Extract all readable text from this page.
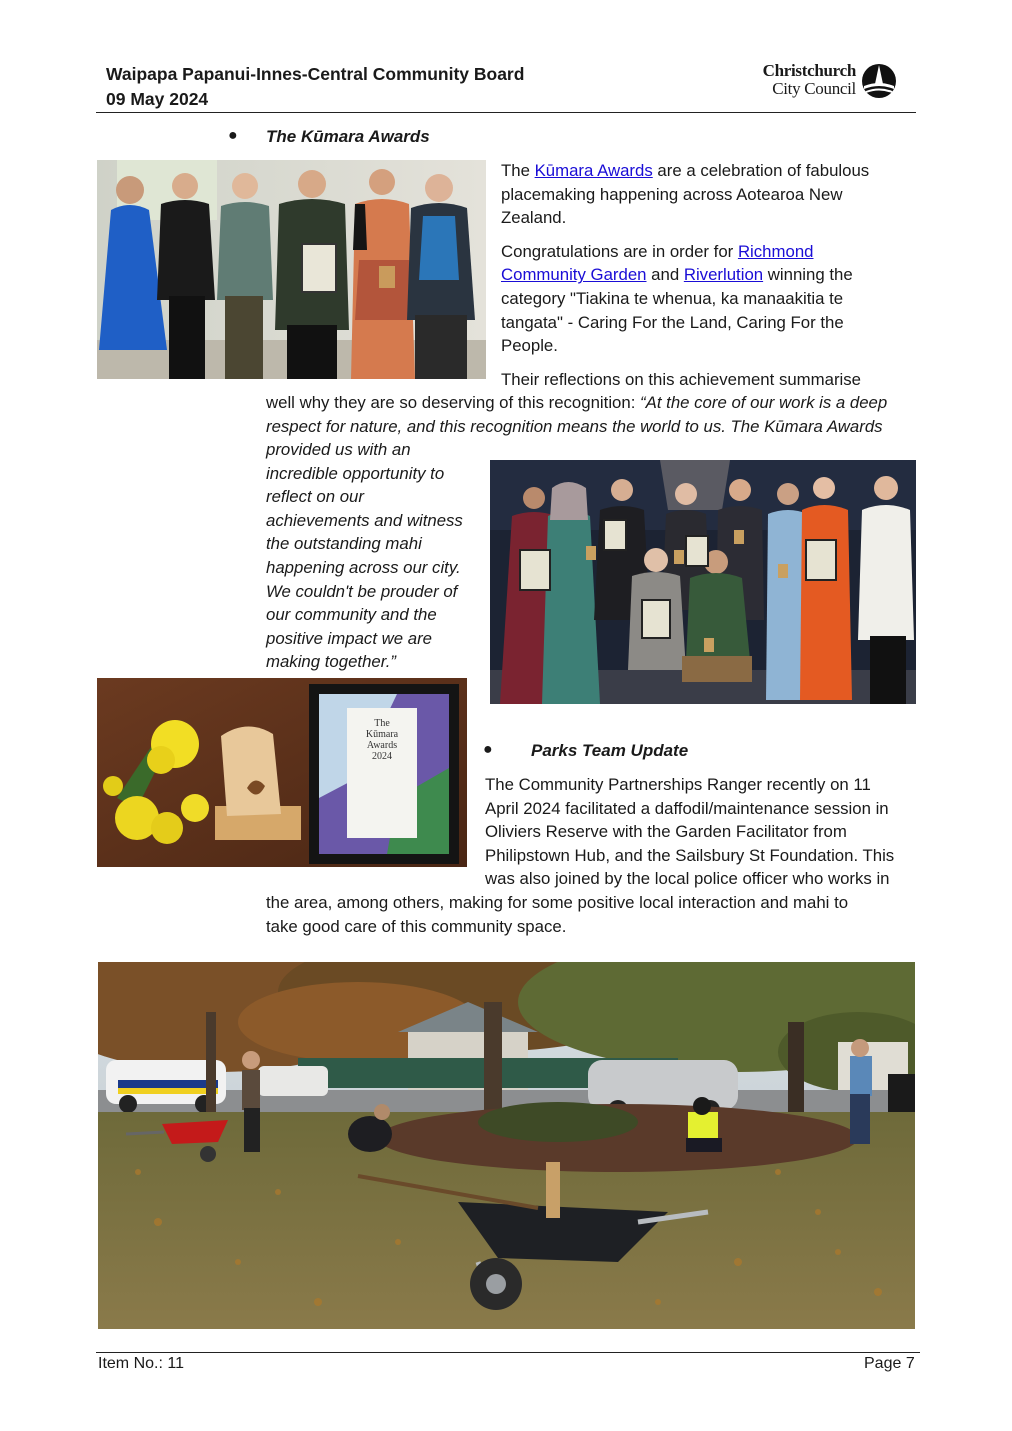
Waipapa Papanui-Innes-Central Community Board
09 May 2024
Christchurch
City Council
● The Kūmara Awards

The Kūmara Awards are a celebration of fabulous placemaking happening across Aotearoa New Zealand.

Congratulations are in order for Richmond Community Garden and Riverlution winning the category "Tiakina te whenua, ka manaakitia te tangata" - Caring For the Land, Caring For the People.

Their reflections on this achievement summarise
well why they are so deserving of this recognition: “At the core of our work is a deep
respect for nature, and this recognition means the world to us. The Kūmara Awards
provided us with an
incredible opportunity to
reflect on our
achievements and witness
the outstanding mahi
happening across our city.
We couldn't be prouder of
our community and the
positive impact we are
making together.”
The
Kūmara
Awards
2024	● Parks Team Update
The Community Partnerships Ranger recently on 11
April 2024 facilitated a daffodil/maintenance session in
Oliviers Reserve with the Garden Facilitator from
Philipstown Hub, and the Sailsbury St Foundation. This
was also joined by the local police officer who works in
the area, among others, making for some positive local interaction and mahi to
take good care of this community space.
Item No.: 11	Page 7
